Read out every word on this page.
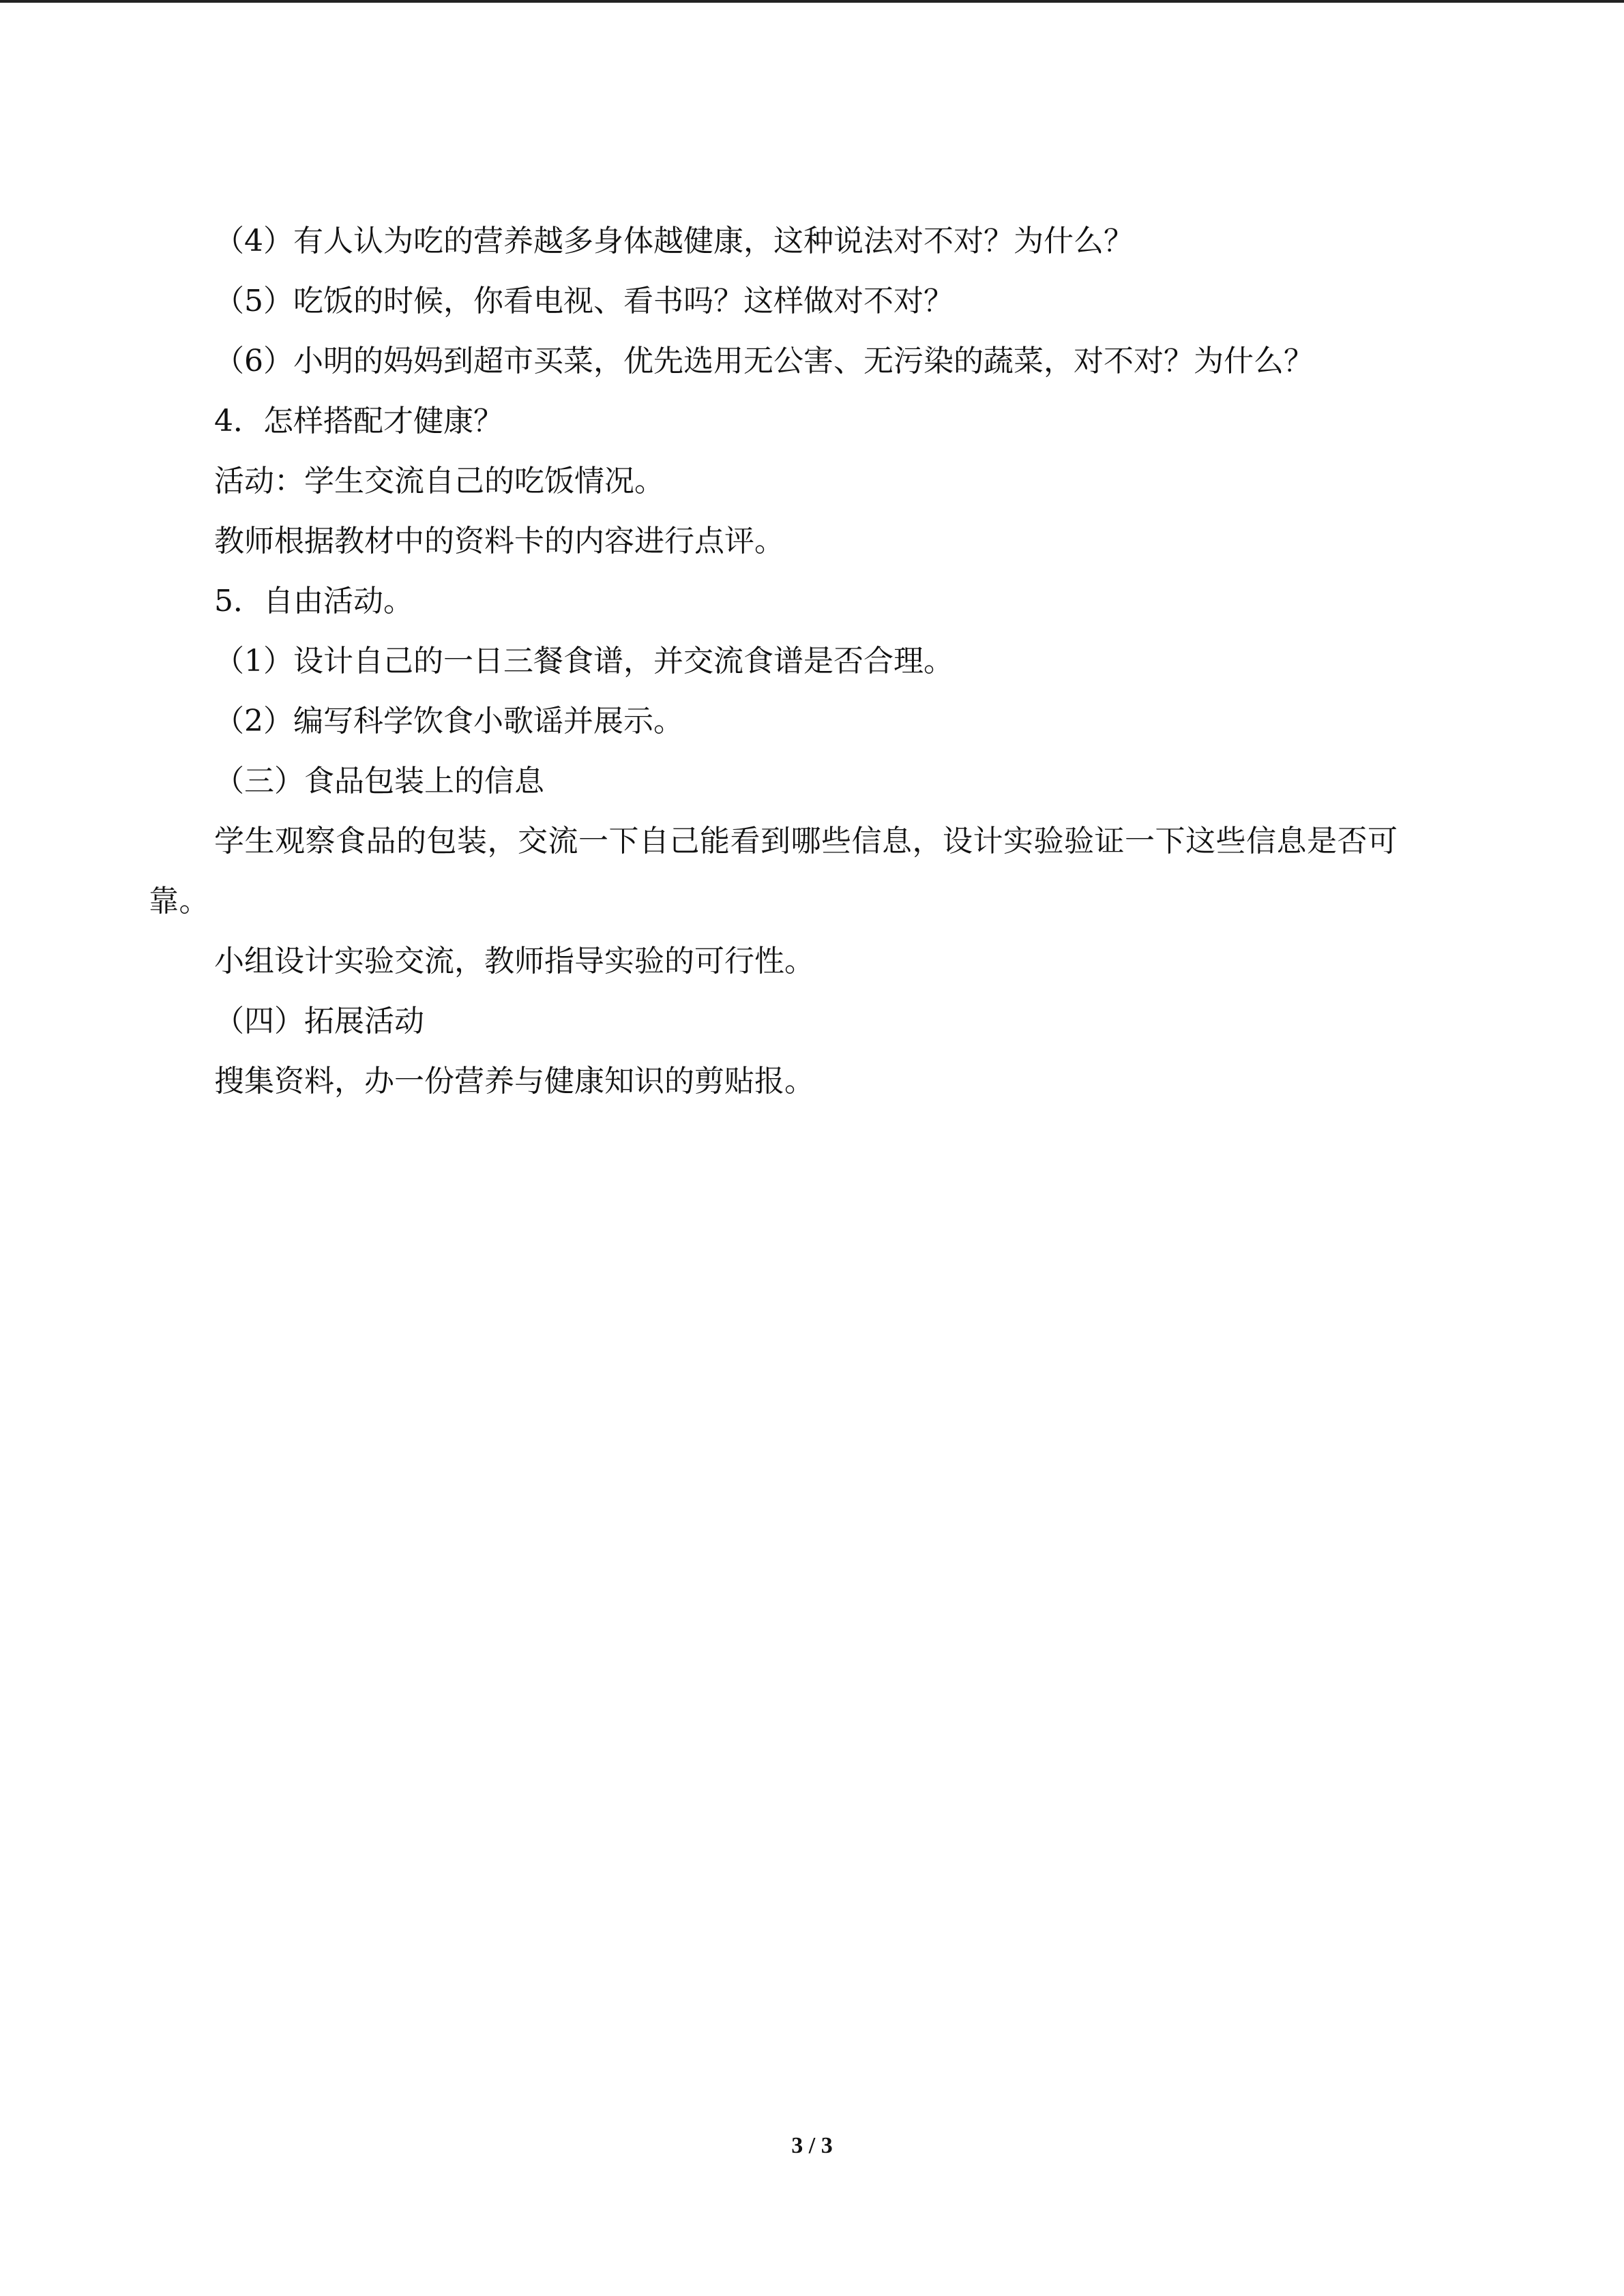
（4）有人认为吃的营养越多身体越健康，这种说法对不对？为什么？
（5）吃饭的时候，你看电视、看书吗？这样做对不对？
（6）小明的妈妈到超市买菜，优先选用无公害、无污染的蔬菜，对不对？为什么？
4．怎样搭配才健康？
活动：学生交流自己的吃饭情况。
教师根据教材中的资料卡的内容进行点评。
5．自由活动。
（1）设计自己的一日三餐食谱，并交流食谱是否合理。
（2）编写科学饮食小歌谣并展示。
（三）食品包装上的信息
学生观察食品的包装，交流一下自己能看到哪些信息，设计实验验证一下这些信息是否可靠。
小组设计实验交流，教师指导实验的可行性。
（四）拓展活动
搜集资料，办一份营养与健康知识的剪贴报。
3 / 3
